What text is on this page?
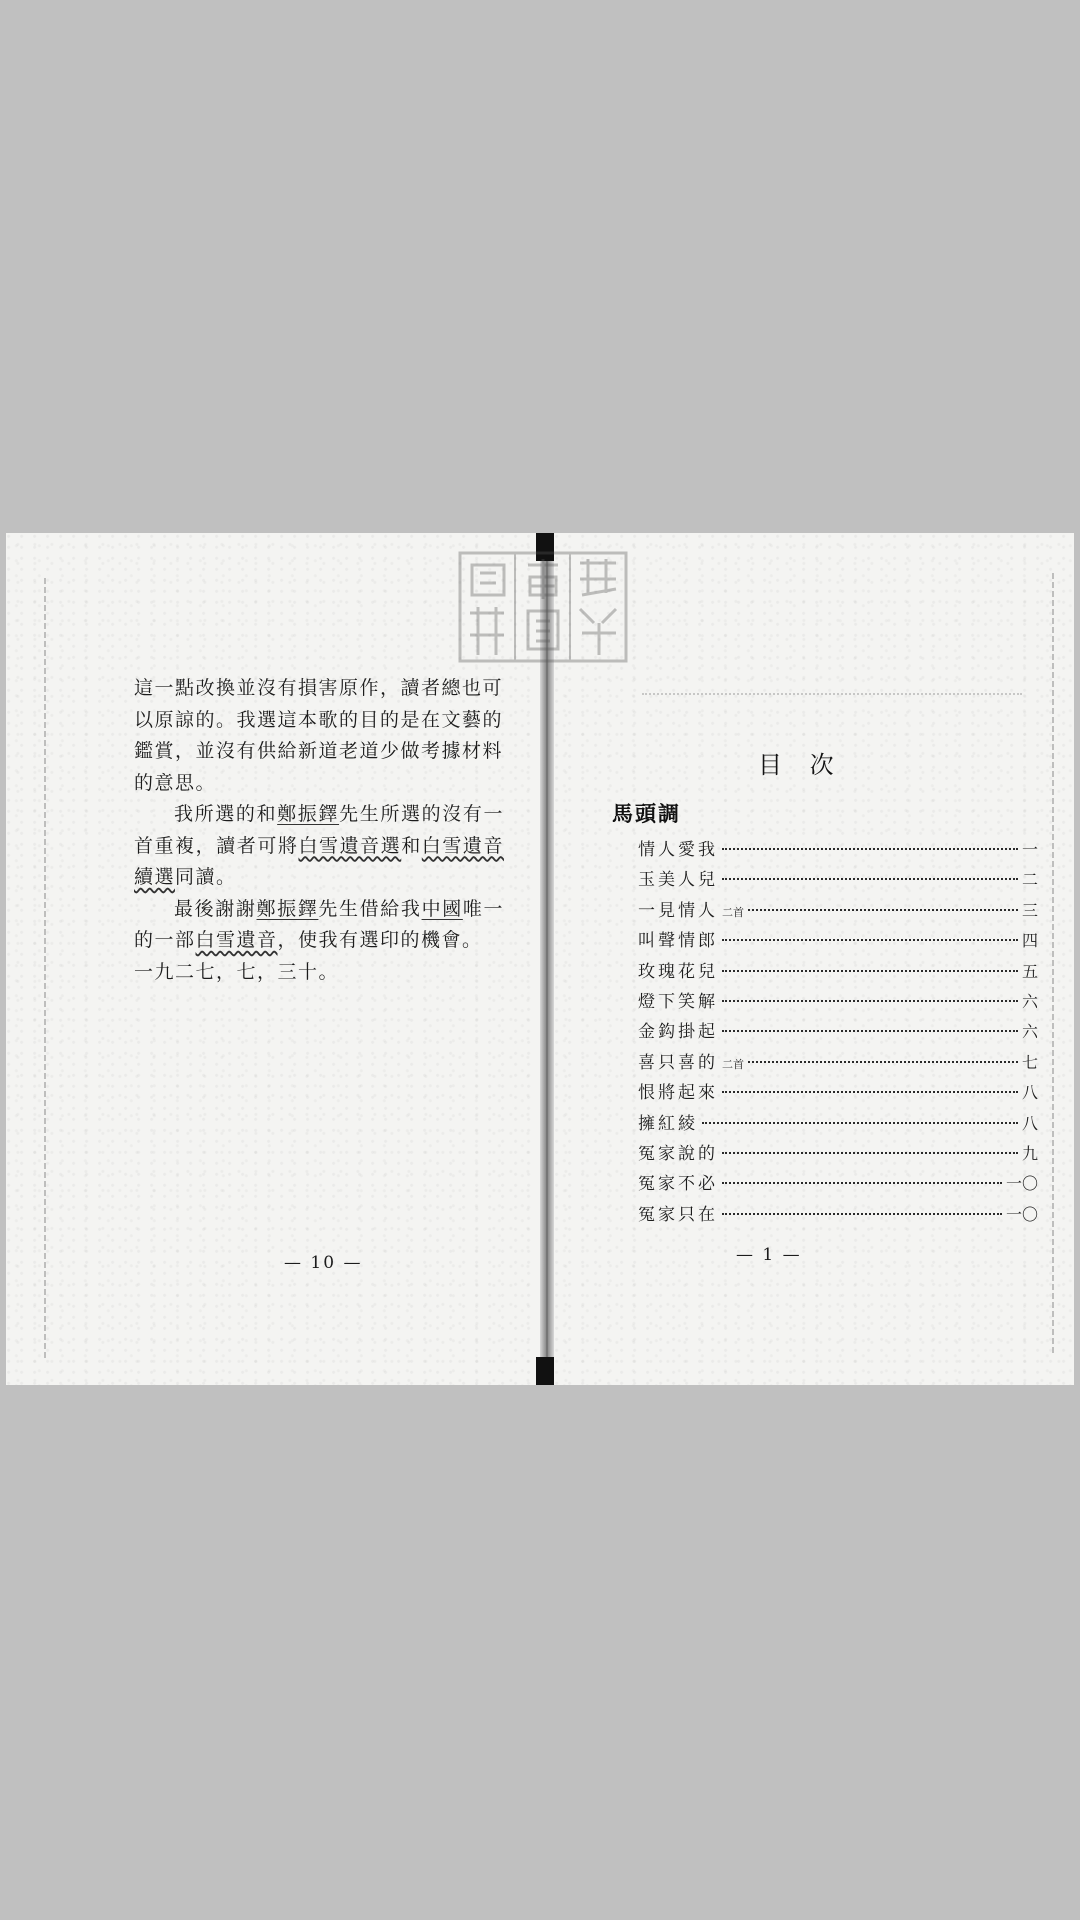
這一點改換並沒有損害原作，讀者總也可
以原諒的。我選這本歌的目的是在文藝的
鑑賞，並沒有供給新道老道少做考據材料
的意思。

我所選的和鄭振鐸先生所選的沒有一首重複，讀者可將白雪遺音選和白雪遺音續選同讀。

最後謝謝鄭振鐸先生借給我中國唯一的一部白雪遺音，使我有選印的機會。

一九二七，七，三十。

— 10 —
目 次
馬頭調
情人愛我	一
玉美人兒	二
一見情人 二首	三
叫聲情郎	四
玫瑰花兒	五
燈下笑解	六
金鈎掛起	六
喜只喜的 二首	七
恨將起來	八
擁紅綾	八
冤家說的	九
冤家不必	一〇
冤家只在	一〇
— 1 —
